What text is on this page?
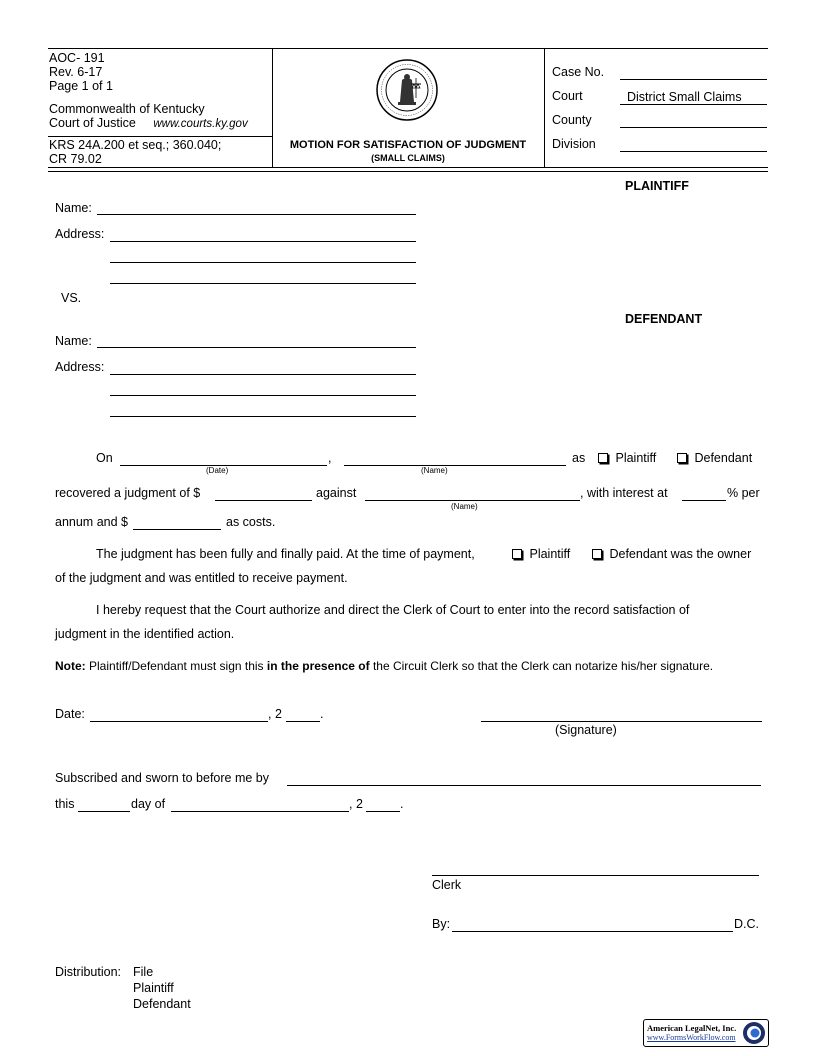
AOC- 191
Rev. 6-17
Page 1 of 1
Commonwealth of Kentucky
Court of Justice www.courts.ky.gov
KRS 24A.200 et seq.; 360.040;
CR 79.02
MOTION FOR SATISFACTION OF JUDGMENT
(SMALL CLAIMS)
Case No.
Court	District Small Claims
County
Division
PLAINTIFF
Name:
Address:
VS.
DEFENDANT
Name:
Address:
On
(Date)
,
(Name)
as	Plaintiff	Defendant
recovered a judgment of $	against
(Name)
, with interest at	% per
annum and $	as costs.
The judgment has been fully and finally paid. At the time of payment,	Plaintiff	Defendant was the owner
of the judgment and was entitled to receive payment.
I hereby request that the Court authorize and direct the Clerk of Court to enter into the record satisfaction of
judgment in the identified action.
Note: Plaintiff/Defendant must sign this in the presence of the Circuit Clerk so that the Clerk can notarize his/her signature.
Date:	, 2	.
(Signature)
Subscribed and sworn to before me by
this	day of	, 2	.
Clerk
By:	D.C.
Distribution: File
Plaintiff
Defendant
American LegalNet, Inc.
www.FormsWorkFlow.com
